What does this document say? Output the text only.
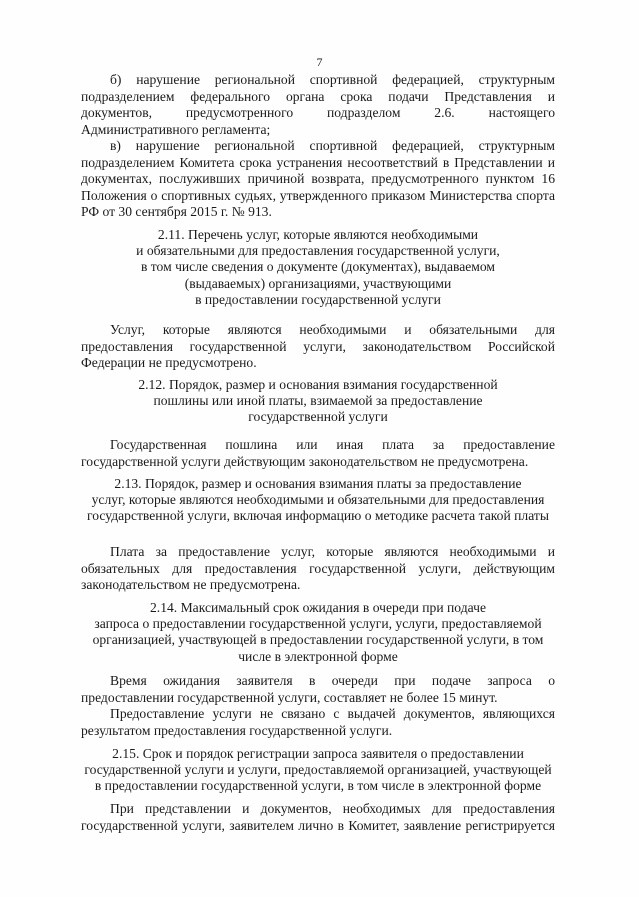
7
б) нарушение региональной спортивной федерацией, структурным
подразделением федерального органа срока подачи Представления и
документов, предусмотренного подразделом 2.6. настоящего
Административного регламента;
в) нарушение региональной спортивной федерацией, структурным
подразделением Комитета срока устранения несоответствий в Представлении и
документах, послуживших причиной возврата, предусмотренного пунктом 16
Положения о спортивных судьях, утвержденного приказом Министерства спорта
РФ от 30 сентября 2015 г. № 913.
2.11. Перечень услуг, которые являются необходимыми
и обязательными для предоставления государственной услуги,
в том числе сведения о документе (документах), выдаваемом
(выдаваемых) организациями, участвующими
в предоставлении государственной услуги
Услуг, которые являются необходимыми и обязательными для
предоставления государственной услуги, законодательством Российской
Федерации не предусмотрено.
2.12. Порядок, размер и основания взимания государственной
пошлины или иной платы, взимаемой за предоставление
государственной услуги
Государственная пошлина или иная плата за предоставление
государственной услуги действующим законодательством не предусмотрена.
2.13. Порядок, размер и основания взимания платы за предоставление
услуг, которые являются необходимыми и обязательными для предоставления
государственной услуги, включая информацию о методике расчета такой платы
Плата за предоставление услуг, которые являются необходимыми и
обязательных для предоставления государственной услуги, действующим
законодательством не предусмотрена.
2.14. Максимальный срок ожидания в очереди при подаче
запроса о предоставлении государственной услуги, услуги, предоставляемой
организацией, участвующей в предоставлении государственной услуги, в том
числе в электронной форме
Время ожидания заявителя в очереди при подаче запроса о
предоставлении государственной услуги, составляет не более 15 минут.
Предоставление услуги не связано с выдачей документов, являющихся
результатом предоставления государственной услуги.
2.15. Срок и порядок регистрации запроса заявителя о предоставлении
государственной услуги и услуги, предоставляемой организацией, участвующей
в предоставлении государственной услуги, в том числе в электронной форме
При представлении и документов, необходимых для предоставления
государственной услуги, заявителем лично в Комитет, заявление регистрируется
